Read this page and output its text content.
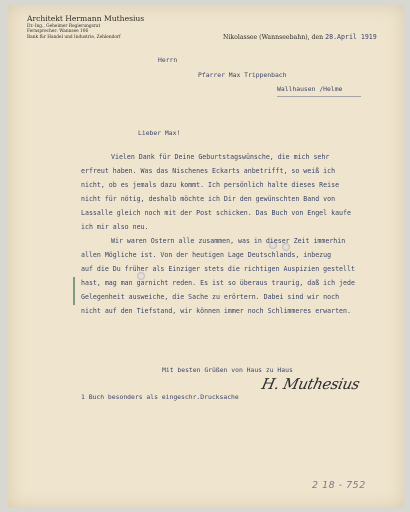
Architekt Hermann Muthesius
Dr.-Ing., Geheimer Regierungsrat
Fernsprecher: Wannsee 106
Bank für Handel und Industrie, Zehlendorf	Nikolassee (Wannseebahn), den 28.April 1919
Herrn
Pfarrer Max Trippenbach
Wallhausen /Helme
Lieber Max!
Vielen Dank für Deine Geburtstagswünsche, die mich sehr
erfreut haben. Was das Nischenes Eckarts anbetrifft, so weiß ich
nicht, ob es jemals dazu kommt. Ich persönlich halte dieses Reise
nicht für nötig, deshalb möchte ich Dir den gewünschten Band von
Lassalle gleich noch mit der Post schicken. Das Buch von Engel kaufe
ich mir also neu.
Wir waren Ostern alle zusammen, was in dieser Zeit immerhin
allen Mögliche ist. Von der heutigen Lage Deutschlands, inbezug
auf die Du früher als Einziger stets die richtigen Auspizien gestellt
hast, mag man garnicht reden. Es ist so überaus traurig, daß ich jede
Gelegenheit ausweiche, die Sache zu erörtern. Dabei sind wir noch
nicht auf den Tiefstand, wir können immer noch Schlimmeres erwarten.
Mit besten Grüßen von Haus zu Haus
H. Muthesius
1 Buch besonders als eingeschr.Drucksache
2 18 - 752
